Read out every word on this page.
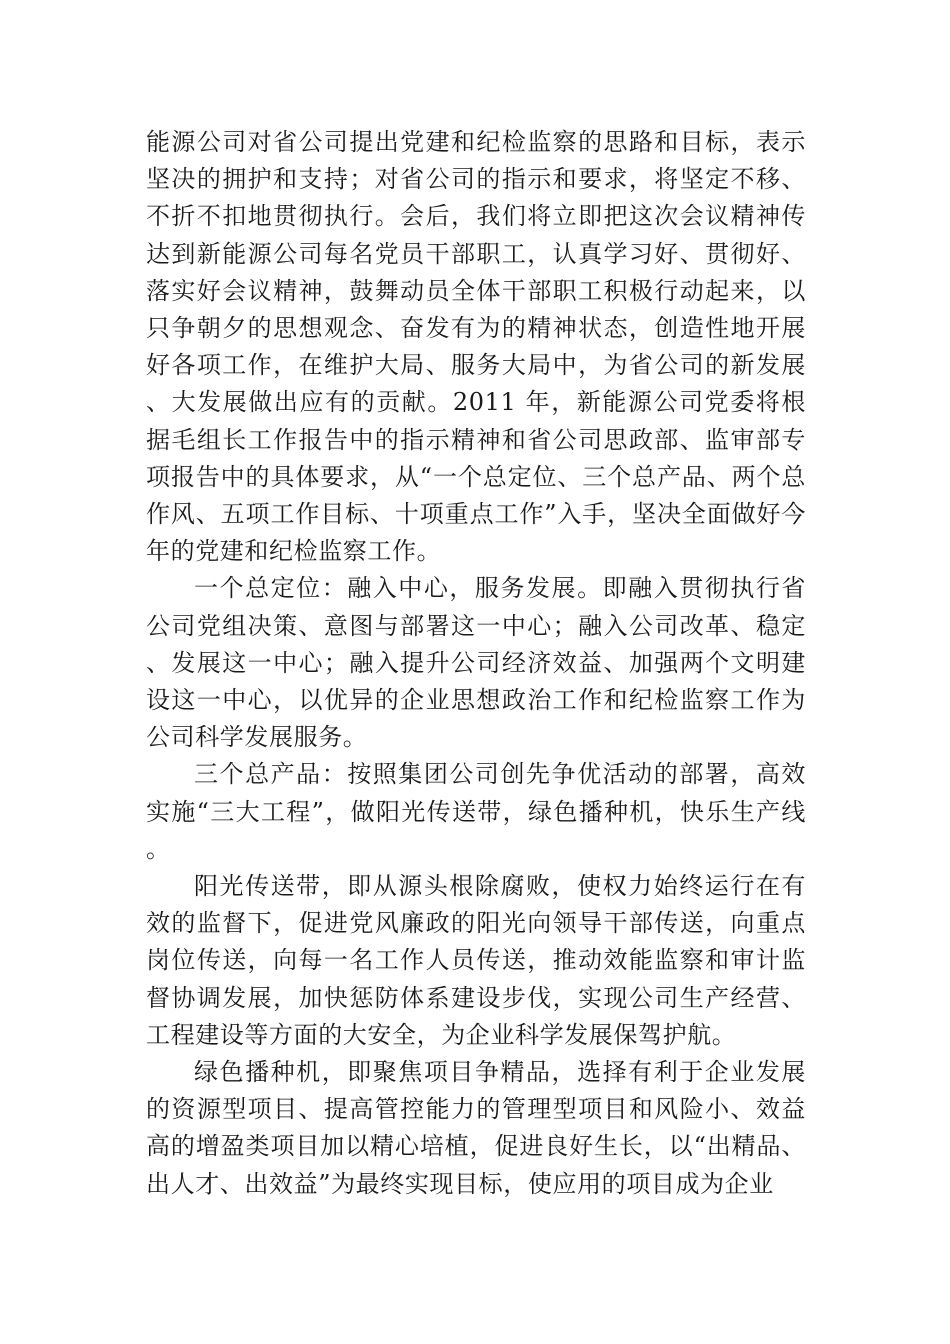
能源公司对省公司提出党建和纪检监察的思路和目标，表示坚决的拥护和支持；对省公司的指示和要求，将坚定不移、不折不扣地贯彻执行。会后，我们将立即把这次会议精神传达到新能源公司每名党员干部职工，认真学习好、贯彻好、落实好会议精神，鼓舞动员全体干部职工积极行动起来，以只争朝夕的思想观念、奋发有为的精神状态，创造性地开展好各项工作，在维护大局、服务大局中，为省公司的新发展、大发展做出应有的贡献。2011 年，新能源公司党委将根据毛组长工作报告中的指示精神和省公司思政部、监审部专项报告中的具体要求，从“一个总定位、三个总产品、两个总作风、五项工作目标、十项重点工作”入手，坚决全面做好今年的党建和纪检监察工作。

一个总定位：融入中心，服务发展。即融入贯彻执行省公司党组决策、意图与部署这一中心；融入公司改革、稳定、发展这一中心；融入提升公司经济效益、加强两个文明建设这一中心，以优异的企业思想政治工作和纪检监察工作为公司科学发展服务。

三个总产品：按照集团公司创先争优活动的部署，高效实施“三大工程”，做阳光传送带，绿色播种机，快乐生产线。

阳光传送带，即从源头根除腐败，使权力始终运行在有效的监督下，促进党风廉政的阳光向领导干部传送，向重点岗位传送，向每一名工作人员传送，推动效能监察和审计监督协调发展，加快惩防体系建设步伐，实现公司生产经营、工程建设等方面的大安全，为企业科学发展保驾护航。

绿色播种机，即聚焦项目争精品，选择有利于企业发展的资源型项目、提高管控能力的管理型项目和风险小、效益高的增盈类项目加以精心培植，促进良好生长，以“出精品、出人才、出效益”为最终实现目标，使应用的项目成为企业
